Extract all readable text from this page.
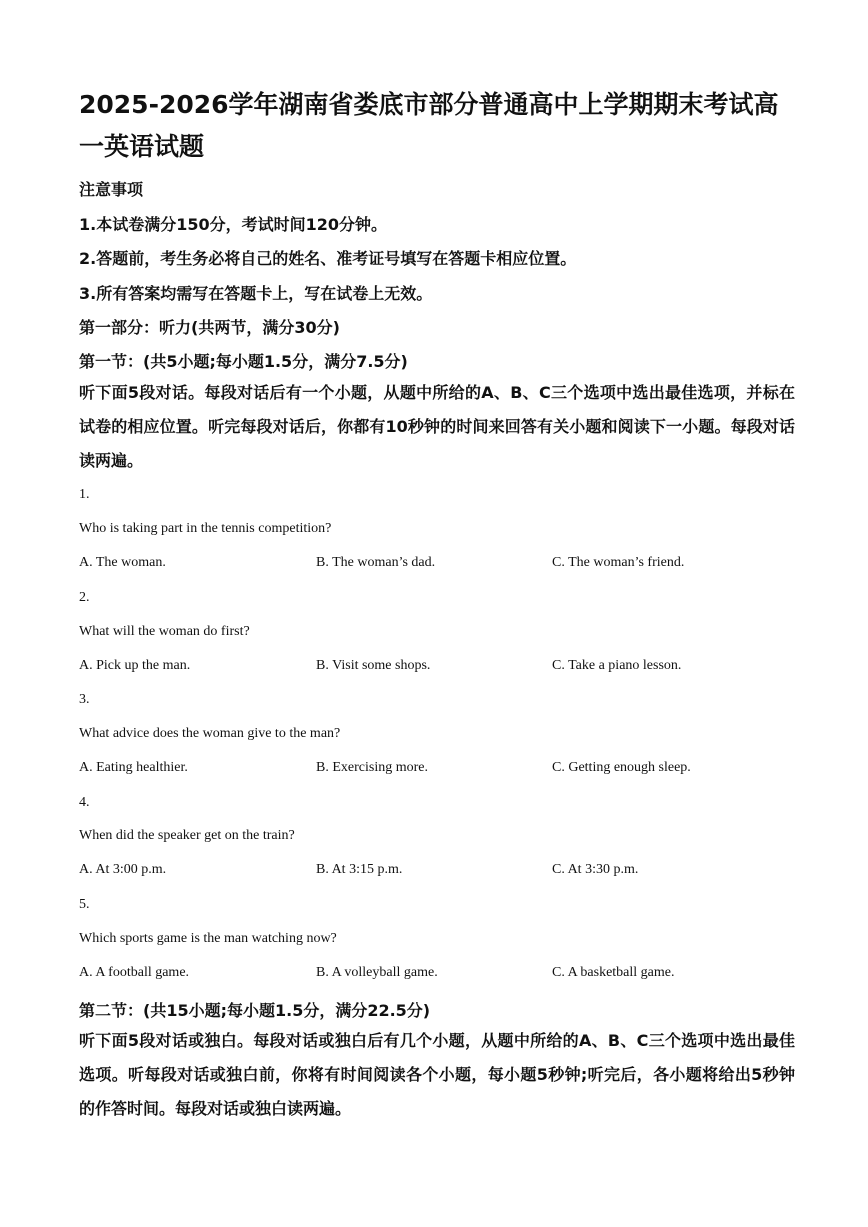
2025-2026学年湖南省娄底市部分普通高中上学期期末考试高一英语试题

注意事项

1.本试卷满分150分，考试时间120分钟。

2.答题前，考生务必将自己的姓名、准考证号填写在答题卡相应位置。

3.所有答案均需写在答题卡上，写在试卷上无效。

第一部分：听力(共两节，满分30分)

第一节：(共5小题;每小题1.5分，满分7.5分)

听下面5段对话。每段对话后有一个小题，从题中所给的A、B、C三个选项中选出最佳选项，并标在试卷的相应位置。听完每段对话后，你都有10秒钟的时间来回答有关小题和阅读下一小题。每段对话读两遍。

1.
Who is taking part in the tennis competition?
A. The woman.	B. The woman’s dad.	C. The woman’s friend.
2.
What will the woman do first?
A. Pick up the man.	B. Visit some shops.	C. Take a piano lesson.
3.
What advice does the woman give to the man?
A. Eating healthier.	B. Exercising more.	C. Getting enough sleep.
4.
When did the speaker get on the train?
A. At 3:00 p.m.	B. At 3:15 p.m.	C. At 3:30 p.m.
5.
Which sports game is the man watching now?
A. A football game.	B. A volleyball game.	C. A basketball game.

第二节：(共15小题;每小题1.5分，满分22.5分)

听下面5段对话或独白。每段对话或独白后有几个小题，从题中所给的A、B、C三个选项中选出最佳选项。听每段对话或独白前，你将有时间阅读各个小题，每小题5秒钟;听完后，各小题将给出5秒钟的作答时间。每段对话或独白读两遍。
